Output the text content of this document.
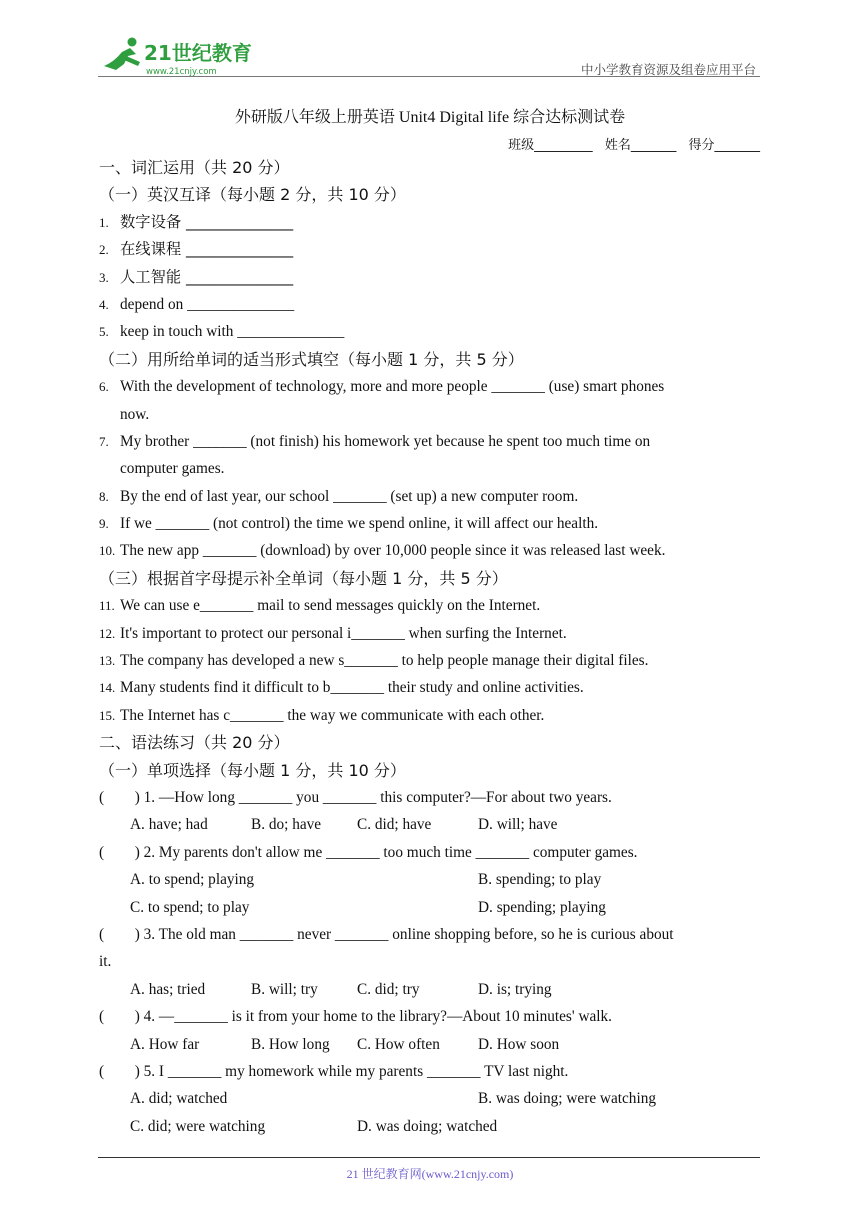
21世纪教育
www.21cnjy.com	中小学教育资源及组卷应用平台
外研版八年级上册英语 Unit4 Digital life 综合达标测试卷
班级_________ 姓名_______ 得分_______
一、词汇运用（共 20 分）
（一）英汉互译（每小题 2 分，共 10 分）
1. 数字设备 ______________
2. 在线课程 ______________
3. 人工智能 ______________
4. depend on ______________
5. keep in touch with ______________
（二）用所给单词的适当形式填空（每小题 1 分，共 5 分）
6. With the development of technology, more and more people _______ (use) smart phones
now.
7. My brother _______ (not finish) his homework yet because he spent too much time on
computer games.
8. By the end of last year, our school _______ (set up) a new computer room.
9. If we _______ (not control) the time we spend online, it will affect our health.
10. The new app _______ (download) by over 10,000 people since it was released last week.
（三）根据首字母提示补全单词（每小题 1 分，共 5 分）
11. We can use e_______ mail to send messages quickly on the Internet.
12. It's important to protect our personal i_______ when surfing the Internet.
13. The company has developed a new s_______ to help people manage their digital files.
14. Many students find it difficult to b_______ their study and online activities.
15. The Internet has c_______ the way we communicate with each other.
二、语法练习（共 20 分）
（一）单项选择（每小题 1 分，共 10 分）
(　　) 1. —How long _______ you _______ this computer?—For about two years.
A. have; had	B. do; have C. did; have	D. will; have
(　　) 2. My parents don't allow me _______ too much time _______ computer games.
A. to spend; playing	B. spending; to play
C. to spend; to play	D. spending; playing
(　　) 3. The old man _______ never _______ online shopping before, so he is curious about
it.
A. has; tried	B. will; try	C. did; try	D. is; trying
(　　) 4. —_______ is it from your home to the library?—About 10 minutes' walk.
A. How far	B. How long C. How often D. How soon
(　　) 5. I _______ my homework while my parents _______ TV last night.
A. did; watched	B. was doing; were watching
C. did; were watching	D. was doing; watched
21 世纪教育网(www.21cnjy.com)
